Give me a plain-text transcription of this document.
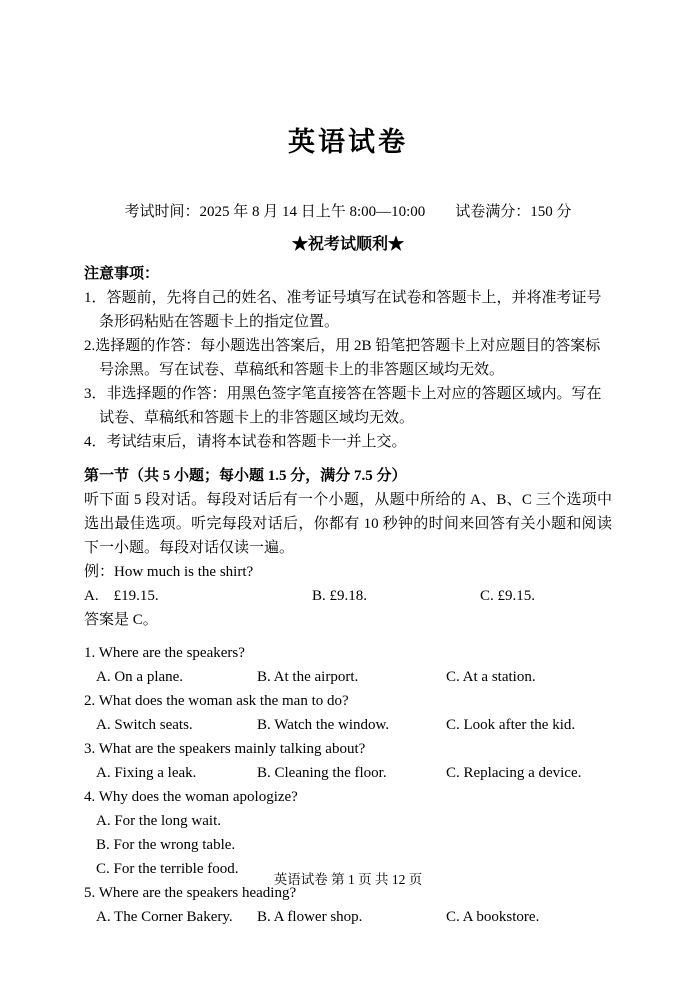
英语试卷
考试时间：2025 年 8 月 14 日上午 8:00—10:00　　试卷满分：150 分
★祝考试顺利★
注意事项：
1．答题前，先将自己的姓名、准考证号填写在试卷和答题卡上，并将准考证号条形码粘贴在答题卡上的指定位置。
2.选择题的作答：每小题选出答案后，用 2B 铅笔把答题卡上对应题目的答案标号涂黑。写在试卷、草稿纸和答题卡上的非答题区域均无效。
3．非选择题的作答：用黑色签字笔直接答在答题卡上对应的答题区域内。写在试卷、草稿纸和答题卡上的非答题区域均无效。
4．考试结束后，请将本试卷和答题卡一并上交。
第一节（共 5 小题；每小题 1.5 分，满分 7.5 分）
听下面 5 段对话。每段对话后有一个小题，从题中所给的 A、B、C 三个选项中选出最佳选项。听完每段对话后，你都有 10 秒钟的时间来回答有关小题和阅读下一小题。每段对话仅读一遍。
例：How much is the shirt?
A.　£19.15.	B. £9.18.	C. £9.15.
答案是 C。
1. Where are the speakers?
A. On a plane.	B. At the airport.	C. At a station.
2. What does the woman ask the man to do?
A. Switch seats.	B. Watch the window.	C. Look after the kid.
3. What are the speakers mainly talking about?
A. Fixing a leak.	B. Cleaning the floor.	C. Replacing a device.
4. Why does the woman apologize?
A. For the long wait.
B. For the wrong table.
C. For the terrible food.
5. Where are the speakers heading?
A. The Corner Bakery.	B. A flower shop.	C. A bookstore.
英语试卷 第 1 页 共 12 页
